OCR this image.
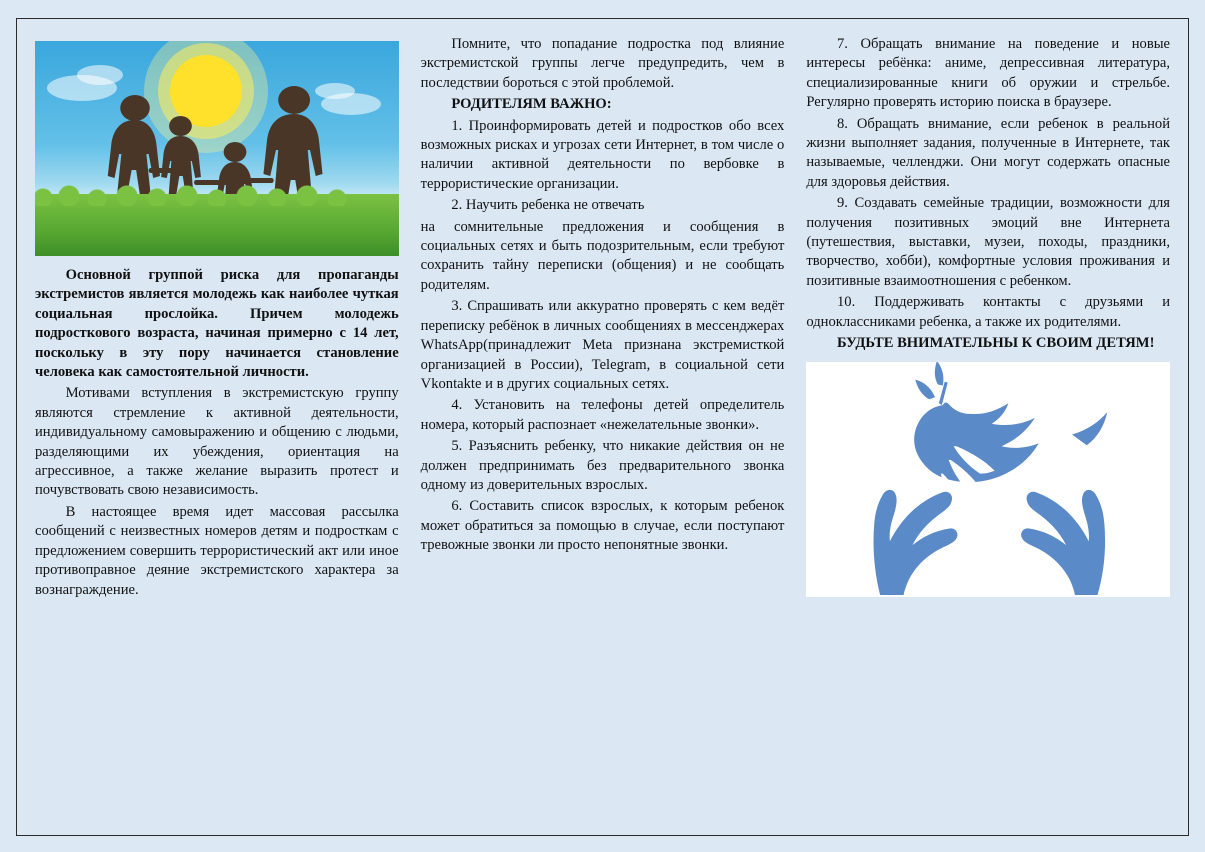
Основной группой риска для пропаганды экстремистов является молодежь как наиболее чуткая социальная прослойка. Причем молодежь подросткового возраста, начиная примерно с 14 лет, поскольку в эту пору начинается становление человека как самостоятельной личности.

Мотивами вступления в экстремистскую группу являются стремление к активной деятельности, индивидуальному самовыражению и общению с людьми, разделяющими их убеждения, ориентация на агрессивное, а также желание выразить протест и почувствовать свою независимость.

В настоящее время идет массовая рассылка сообщений с неизвестных номеров детям и подросткам с предложением совершить террористический акт или иное противоправное деяние экстремистского характера за вознаграждение.

Помните, что попадание подростка под влияние экстремистской группы легче предупредить, чем в последствии бороться с этой проблемой.

РОДИТЕЛЯМ ВАЖНО:

1. Проинформировать детей и подростков обо всех возможных рисках и угрозах сети Интернет, в том числе о наличии активной деятельности по вербовке в террористические организации.

2. Научить ребенка не отвечать

на сомнительные предложения и сообщения в социальных сетях и быть подозрительным, если требуют сохранить тайну переписки (общения) и не сообщать родителям.

3. Спрашивать или аккуратно проверять с кем ведёт переписку ребёнок в личных сообщениях в мессенджерах WhatsApp(принадлежит Meta признана экстремисткой организацией в России), Telegram, в социальной сети Vkontakte и в других социальных сетях.

4. Установить на телефоны детей определитель номера, который распознает «нежелательные звонки».

5. Разъяснить ребенку, что никакие действия он не должен предпринимать без предварительного звонка одному из доверительных взрослых.

6. Составить список взрослых, к которым ребенок может обратиться за помощью в случае, если поступают тревожные звонки ли просто непонятные звонки.

7. Обращать внимание на поведение и новые интересы ребёнка: аниме, депрессивная литература, специализированные книги об оружии и стрельбе. Регулярно проверять историю поиска в браузере.

8. Обращать внимание, если ребенок в реальной жизни выполняет задания, полученные в Интернете, так называемые, челленджи. Они могут содержать опасные для здоровья действия.

9. Создавать семейные традиции, возможности для получения позитивных эмоций вне Интернета (путешествия, выставки, музеи, походы, праздники, творчество, хобби), комфортные условия проживания и позитивные взаимоотношения с ребенком.

10. Поддерживать контакты с друзьями и одноклассниками ребенка, а также их родителями.

БУДЬТЕ ВНИМАТЕЛЬНЫ К СВОИМ ДЕТЯМ!
